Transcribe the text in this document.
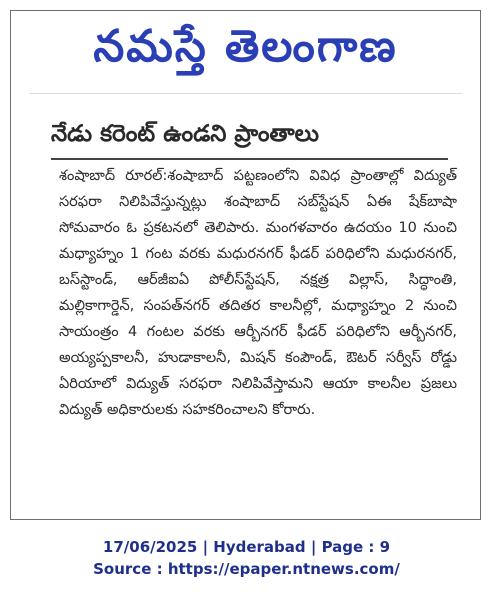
నమస్తే తెలంగాణ
నేడు కరెంట్ ఉండని ప్రాంతాలు
శంషాబాద్ రూరల్:శంషాబాద్ పట్టణంలోని వివిధ ప్రాంతాల్లో విద్యుత్ సరఫరా నిలిపివేస్తున్నట్లు శంషాబాద్ సబ్‌స్టేషన్ ఏఈ షేక్‌బాషా సోమవారం ఓ ప్రకటనలో తెలిపారు. మంగళవారం ఉదయం 10 నుంచి మధ్యాహ్నం 1 గంట వరకు మధురనగర్ ఫీడర్ పరిధిలోని మధురనగర్, బస్‌స్టాండ్, ఆర్‌జీఐఏ పోలీస్‌స్టేషన్, నక్షత్ర విల్లాస్, సిద్ధాంతి, మల్లికాగార్డెన్, సంపత్‌నగర్ తదితర కాలనీల్లో, మధ్యాహ్నం 2 నుంచి సాయంత్రం 4 గంటల వరకు ఆర్బీనగర్ ఫీడర్ పరిధిలోని ఆర్బీనగర్, అయ్యప్పకాలనీ, హుడాకాలనీ, మిషన్ కంపౌండ్, ఔటర్ సర్వీస్ రోడ్డు ఏరియాలో విద్యుత్ సరఫరా నిలిపివేస్తామని ఆయా కాలనీల ప్రజలు విద్యుత్ అధికారులకు సహకరించాలని కోరారు.
17/06/2025 | Hyderabad | Page : 9
Source : https://epaper.ntnews.com/
